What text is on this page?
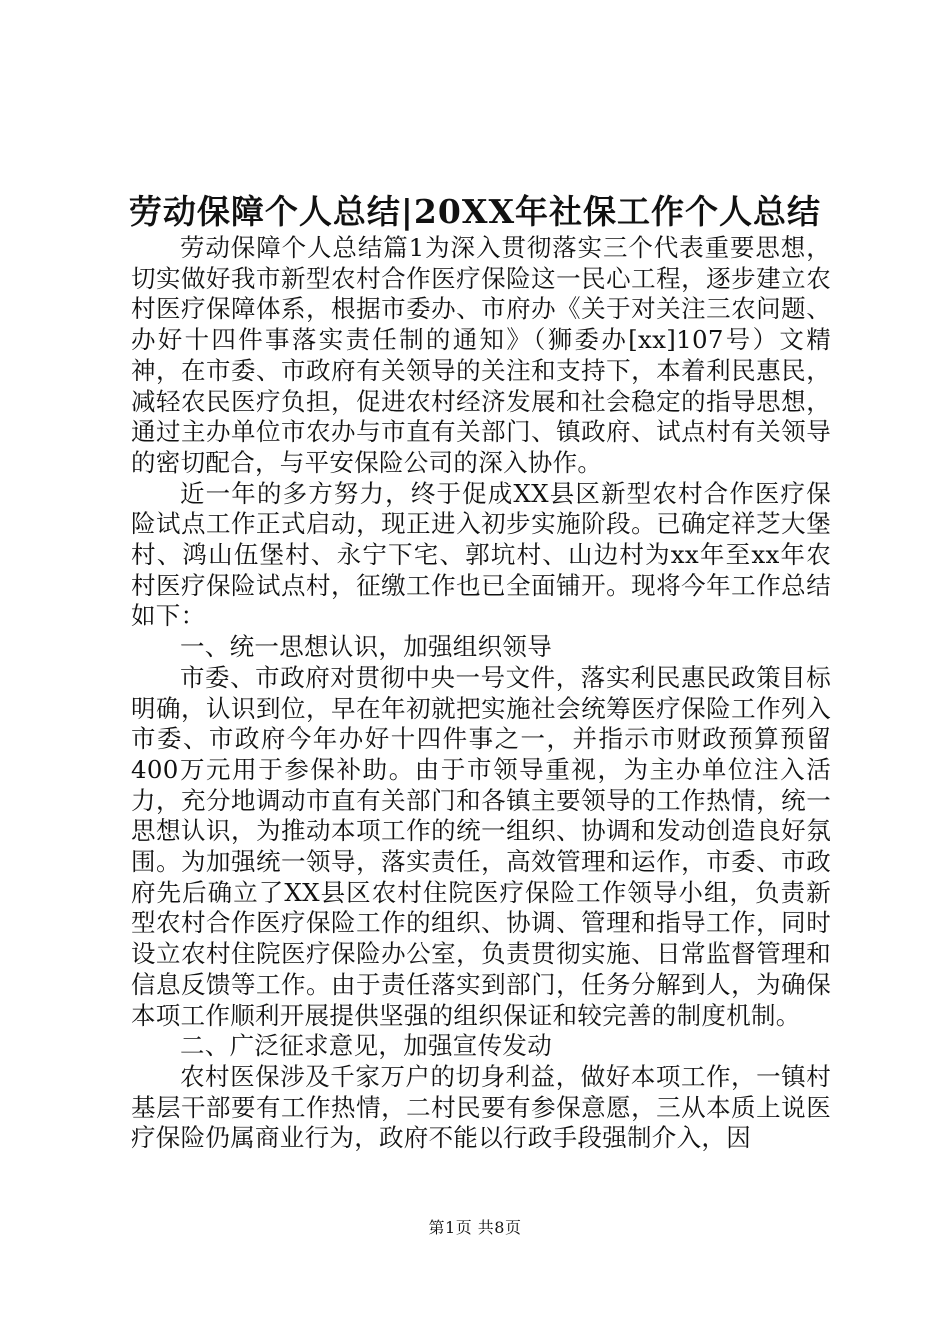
劳动保障个人总结|20XX年社保工作个人总结

劳动保障个人总结篇1为深入贯彻落实三个代表重要思想，切实做好我市新型农村合作医疗保险这一民心工程，逐步建立农村医疗保障体系，根据市委办、市府办《关于对关注三农问题、办好十四件事落实责任制的通知》（狮委办[xx]107号）文精神，在市委、市政府有关领导的关注和支持下，本着利民惠民，减轻农民医疗负担，促进农村经济发展和社会稳定的指导思想，通过主办单位市农办与市直有关部门、镇政府、试点村有关领导的密切配合，与平安保险公司的深入协作。

近一年的多方努力，终于促成XX县区新型农村合作医疗保险试点工作正式启动，现正进入初步实施阶段。已确定祥芝大堡村、鸿山伍堡村、永宁下宅、郭坑村、山边村为xx年至xx年农村医疗保险试点村，征缴工作也已全面铺开。现将今年工作总结如下：

一、统一思想认识，加强组织领导

市委、市政府对贯彻中央一号文件，落实利民惠民政策目标明确，认识到位，早在年初就把实施社会统筹医疗保险工作列入市委、市政府今年办好十四件事之一，并指示市财政预算预留400万元用于参保补助。由于市领导重视，为主办单位注入活力，充分地调动市直有关部门和各镇主要领导的工作热情，统一思想认识，为推动本项工作的统一组织、协调和发动创造良好氛围。为加强统一领导，落实责任，高效管理和运作，市委、市政府先后确立了XX县区农村住院医疗保险工作领导小组，负责新型农村合作医疗保险工作的组织、协调、管理和指导工作，同时设立农村住院医疗保险办公室，负责贯彻实施、日常监督管理和信息反馈等工作。由于责任落实到部门，任务分解到人，为确保本项工作顺利开展提供坚强的组织保证和较完善的制度机制。

二、广泛征求意见，加强宣传发动

农村医保涉及千家万户的切身利益，做好本项工作，一镇村基层干部要有工作热情，二村民要有参保意愿，三从本质上说医疗保险仍属商业行为，政府不能以行政手段强制介入，因

第1页 共8页
